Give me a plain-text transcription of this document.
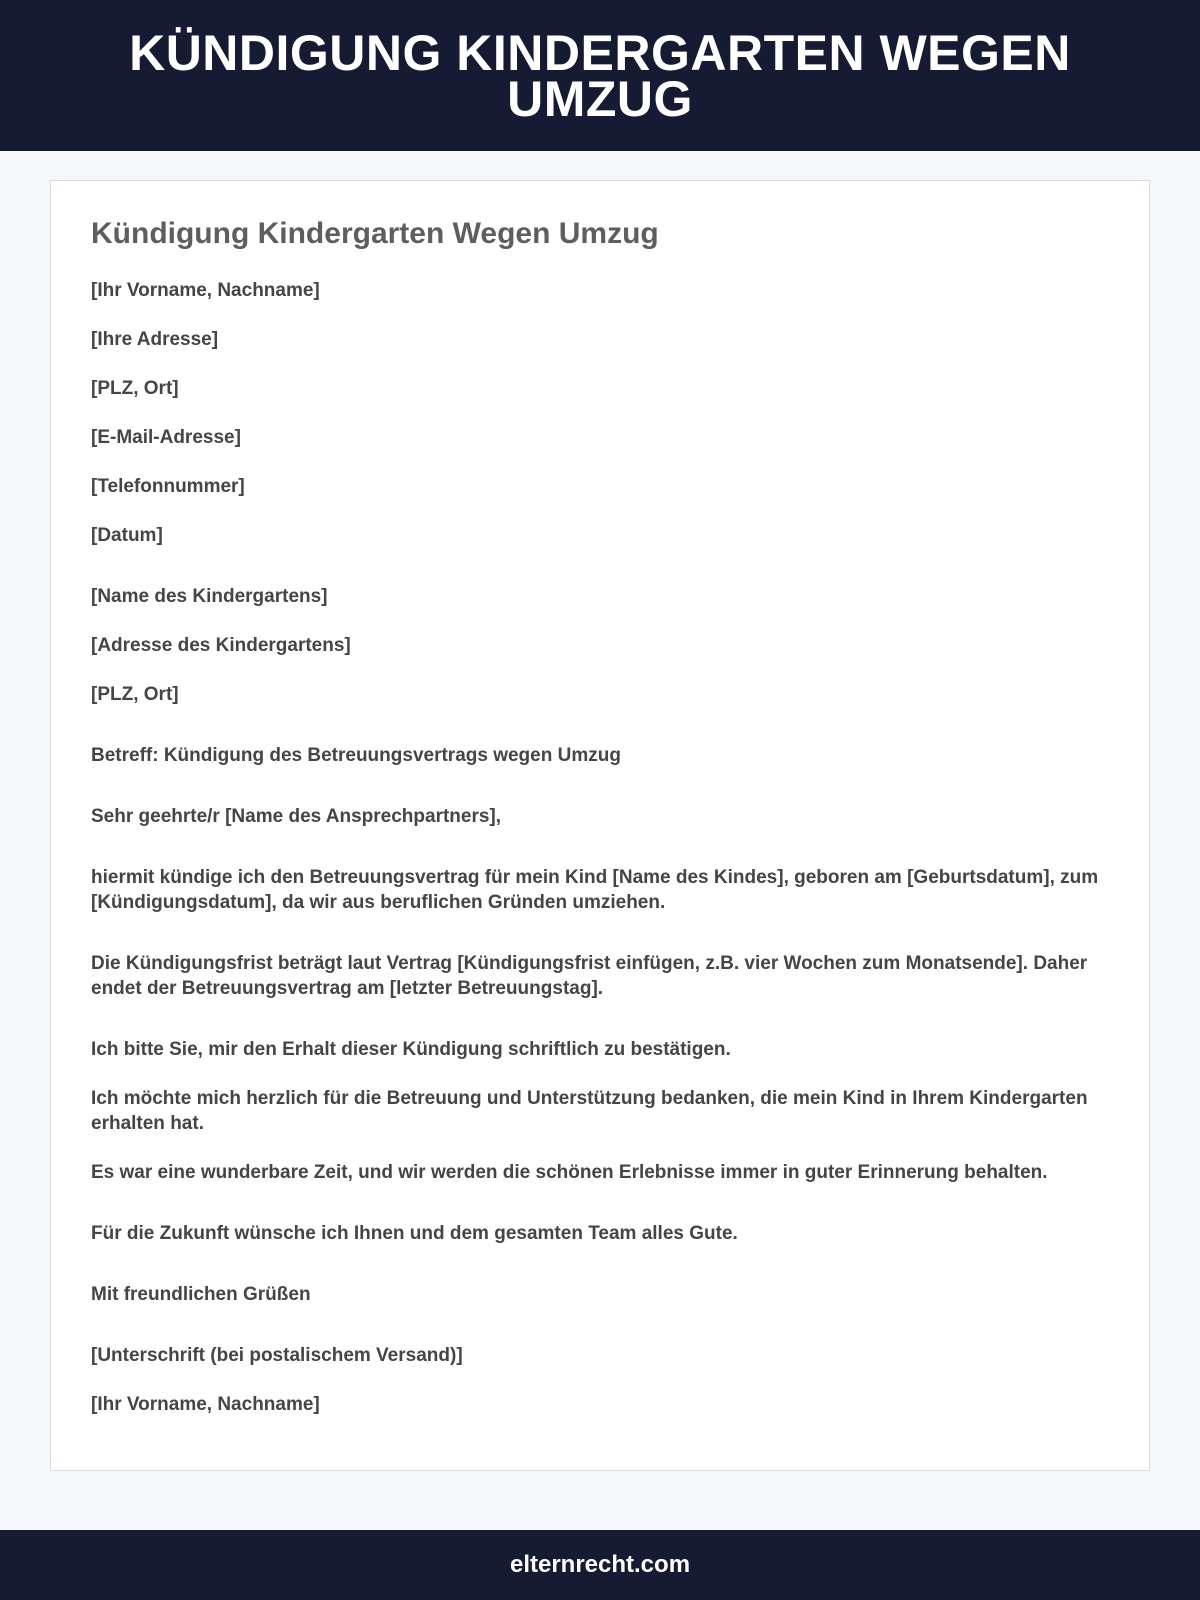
KÜNDIGUNG KINDERGARTEN WEGEN UMZUG
Kündigung Kindergarten Wegen Umzug
[Ihr Vorname, Nachname]
[Ihre Adresse]
[PLZ, Ort]
[E-Mail-Adresse]
[Telefonnummer]
[Datum]
[Name des Kindergartens]
[Adresse des Kindergartens]
[PLZ, Ort]
Betreff: Kündigung des Betreuungsvertrags wegen Umzug
Sehr geehrte/r [Name des Ansprechpartners],
hiermit kündige ich den Betreuungsvertrag für mein Kind [Name des Kindes], geboren am [Geburtsdatum], zum [Kündigungsdatum], da wir aus beruflichen Gründen umziehen.
Die Kündigungsfrist beträgt laut Vertrag [Kündigungsfrist einfügen, z.B. vier Wochen zum Monatsende]. Daher endet der Betreuungsvertrag am [letzter Betreuungstag].
Ich bitte Sie, mir den Erhalt dieser Kündigung schriftlich zu bestätigen.
Ich möchte mich herzlich für die Betreuung und Unterstützung bedanken, die mein Kind in Ihrem Kindergarten erhalten hat.
Es war eine wunderbare Zeit, und wir werden die schönen Erlebnisse immer in guter Erinnerung behalten.
Für die Zukunft wünsche ich Ihnen und dem gesamten Team alles Gute.
Mit freundlichen Grüßen
[Unterschrift (bei postalischem Versand)]
[Ihr Vorname, Nachname]
elternrecht.com
